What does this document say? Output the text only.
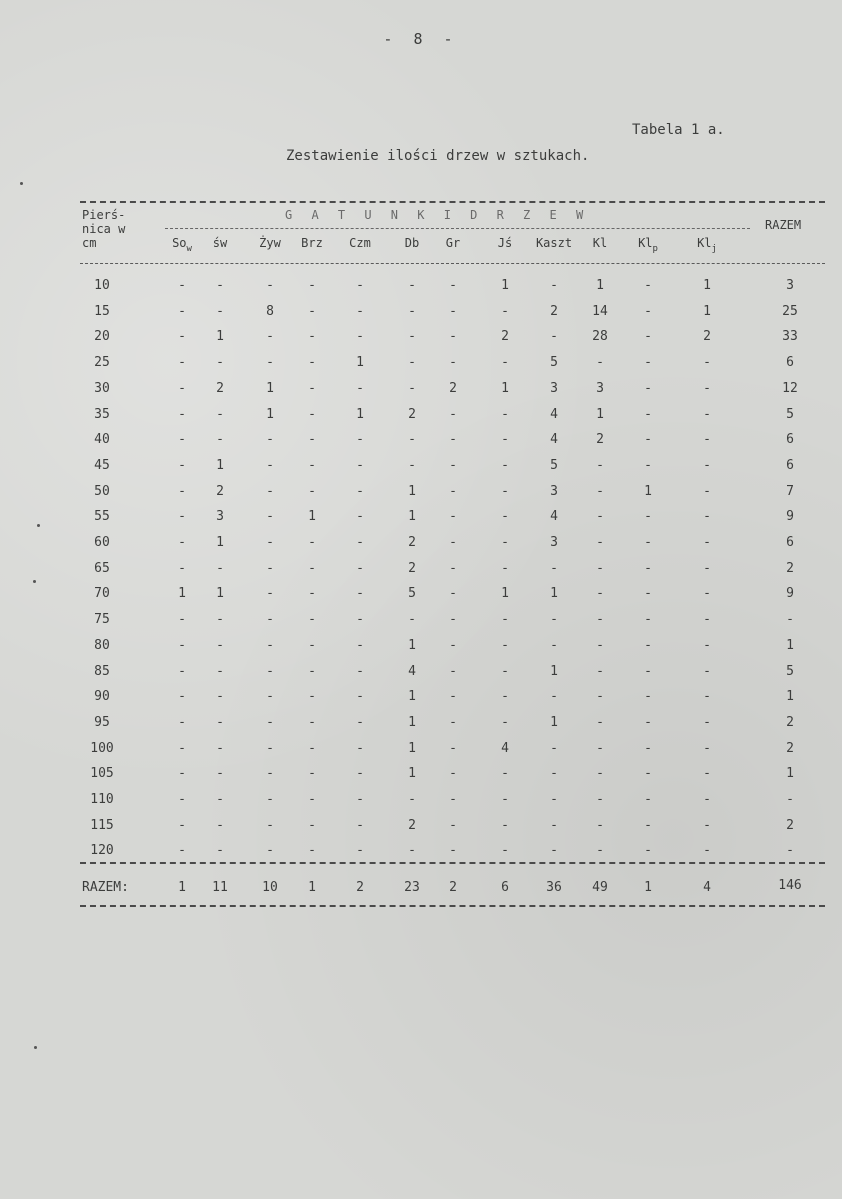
- 8 -
Tabela 1 a.
Zestawienie ilości drzew w sztukach.
Pierś-
nica w
cm
G A T U N K I D R Z E W
RAZEM
$So_w$	św	Żyw	Brz	Czm	Db	Gr	Jś	Kaszt	Kl	$Kl_p$	$Kl_j$
10	-	-	-	-	-	-	-	1	-	1	-	1	3
15	-	-	8	-	-	-	-	-	2	14	-	1	25
20	-	1	-	-	-	-	-	2	-	28	-	2	33
25	-	-	-	-	1	-	-	-	5	-	-	-	6
30	-	2	1	-	-	-	2	1	3	3	-	-	12
35	-	-	1	-	1	2	-	-	4	1	-	-	5
40	-	-	-	-	-	-	-	-	4	2	-	-	6
45	-	1	-	-	-	-	-	-	5	-	-	-	6
50	-	2	-	-	-	1	-	-	3	-	1	-	7
55	-	3	-	1	-	1	-	-	4	-	-	-	9
60	-	1	-	-	-	2	-	-	3	-	-	-	6
65	-	-	-	-	-	2	-	-	-	-	-	-	2
70	1	1	-	-	-	5	-	1	1	-	-	-	9
75	-	-	-	-	-	-	-	-	-	-	-	-	-
80	-	-	-	-	-	1	-	-	-	-	-	-	1
85	-	-	-	-	-	4	-	-	1	-	-	-	5
90	-	-	-	-	-	1	-	-	-	-	-	-	1
95	-	-	-	-	-	1	-	-	1	-	-	-	2
100	-	-	-	-	-	1	-	4	-	-	-	-	2
105	-	-	-	-	-	1	-	-	-	-	-	-	1
110	-	-	-	-	-	-	-	-	-	-	-	-	-
115	-	-	-	-	-	2	-	-	-	-	-	-	2
120	-	-	-	-	-	-	-	-	-	-	-	-	-
RAZEM:	1	11	10	1	2	23	2	6	36	49	1	4	146
